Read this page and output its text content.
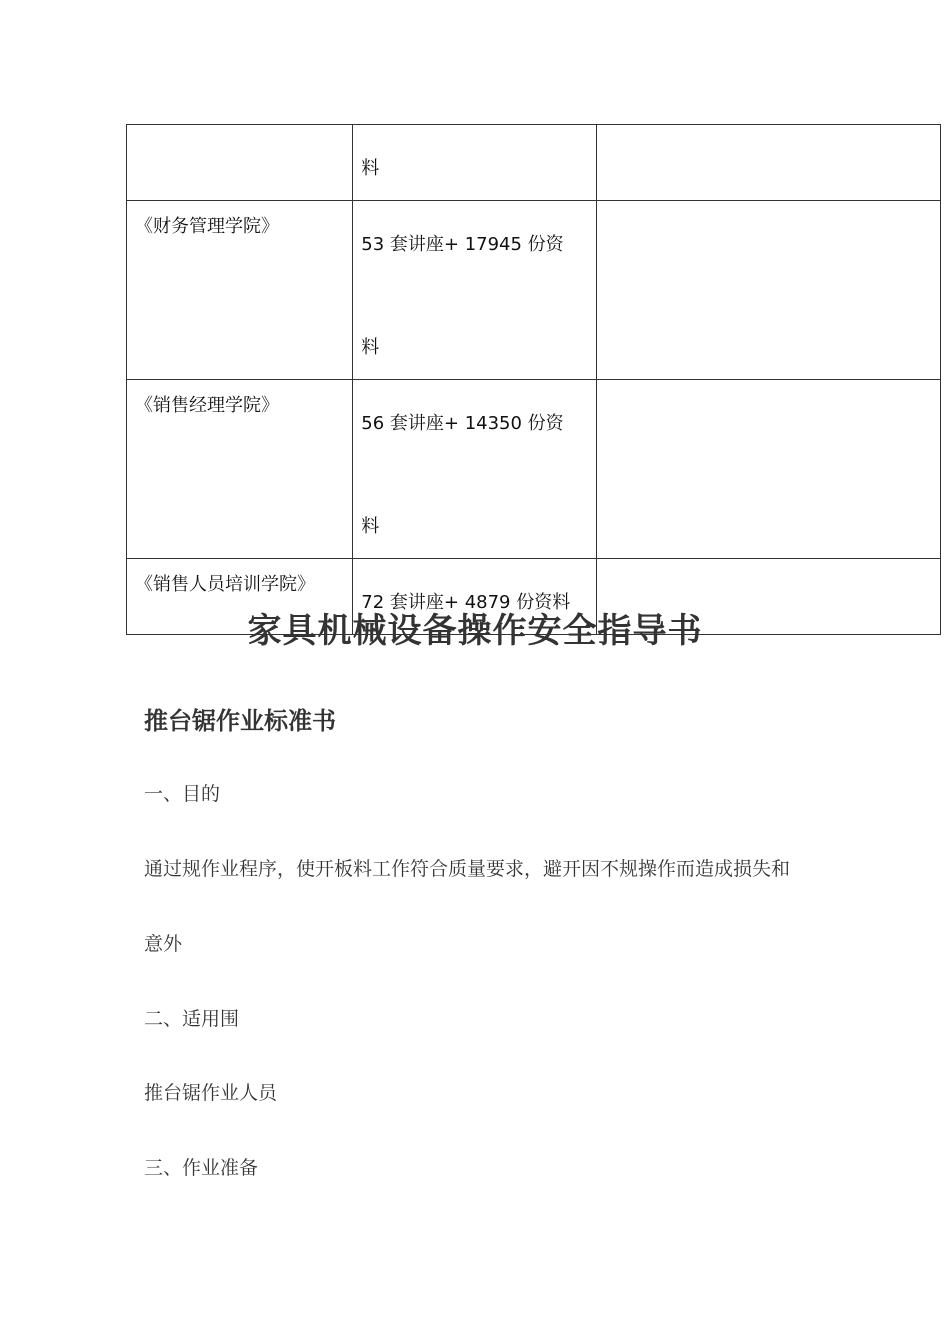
	料	

《财务管理学院》	53 套讲座+ 17945 份资

料	

《销售经理学院》	56 套讲座+ 14350 份资

料	

《销售人员培训学院》	72 套讲座+ 4879 份资料	

家具机械设备操作安全指导书
推台锯作业标准书
一、目的
通过规作业程序，使开板料工作符合质量要求，避开因不规操作而造成损失和
意外
二、适用围
推台锯作业人员
三、作业准备
